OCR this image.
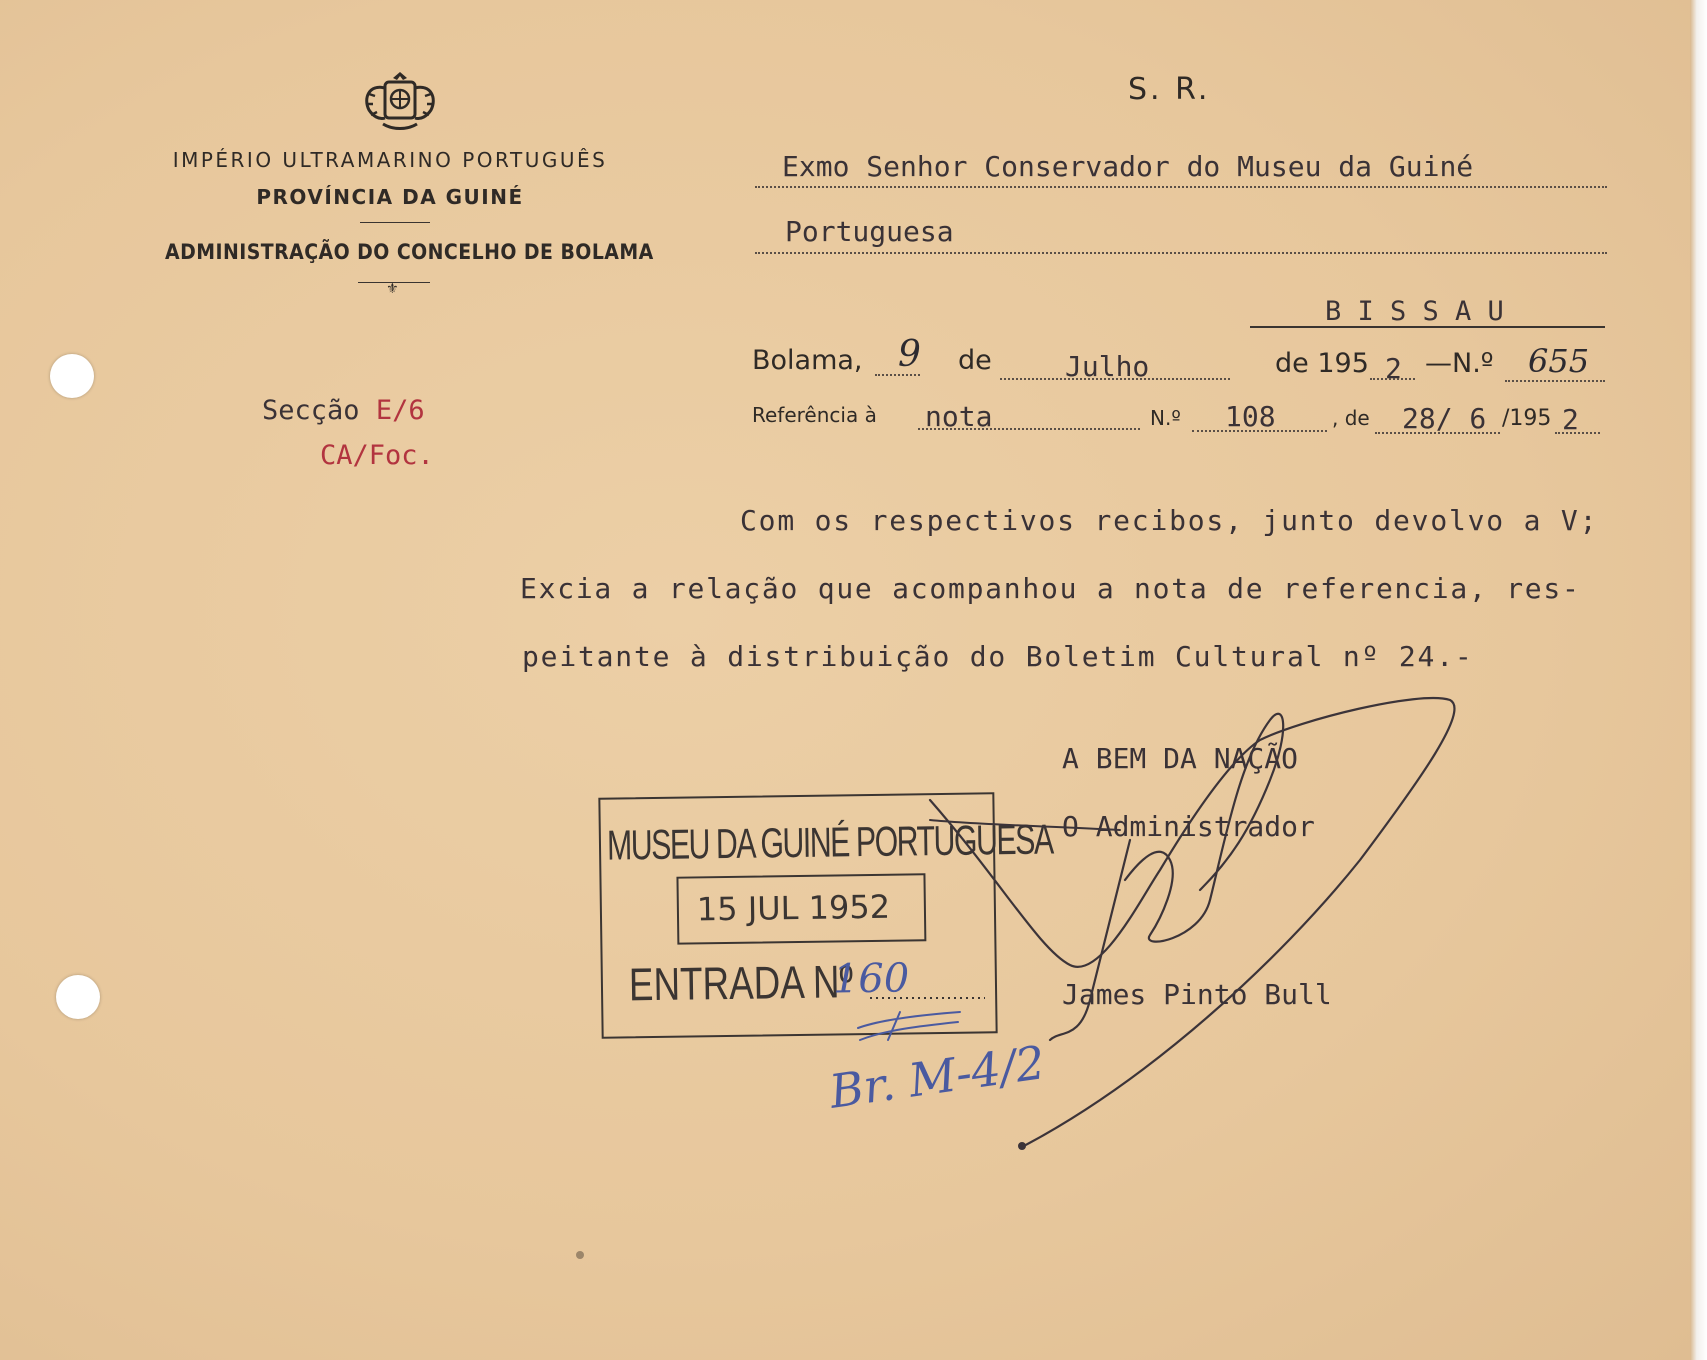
IMPÉRIO ULTRAMARINO PORTUGUÊS
PROVÍNCIA DA GUINÉ
ADMINISTRAÇÃO DO CONCELHO DE BOLAMA
⚜
Secção E/6
CA/Foc.
S. R.
Exmo Senhor Conservador do Museu da Guiné
Portuguesa
B I S S A U
Bolama, 9 de	Julho	de 195 2 —N.º 655
Referência à nota	N.º 108	, de 28/ 6 /195 2
Com os respectivos recibos, junto devolvo a V;
Excia a relação que acompanhou a nota de referencia, res-
peitante à distribuição do Boletim Cultural nº 24.-
A BEM DA NAÇÃO
O Administrador
James Pinto Bull
MUSEU DA GUINÉ PORTUGUESA
15 JUL 1952
ENTRADA Nº
160
Br. M-4/2
